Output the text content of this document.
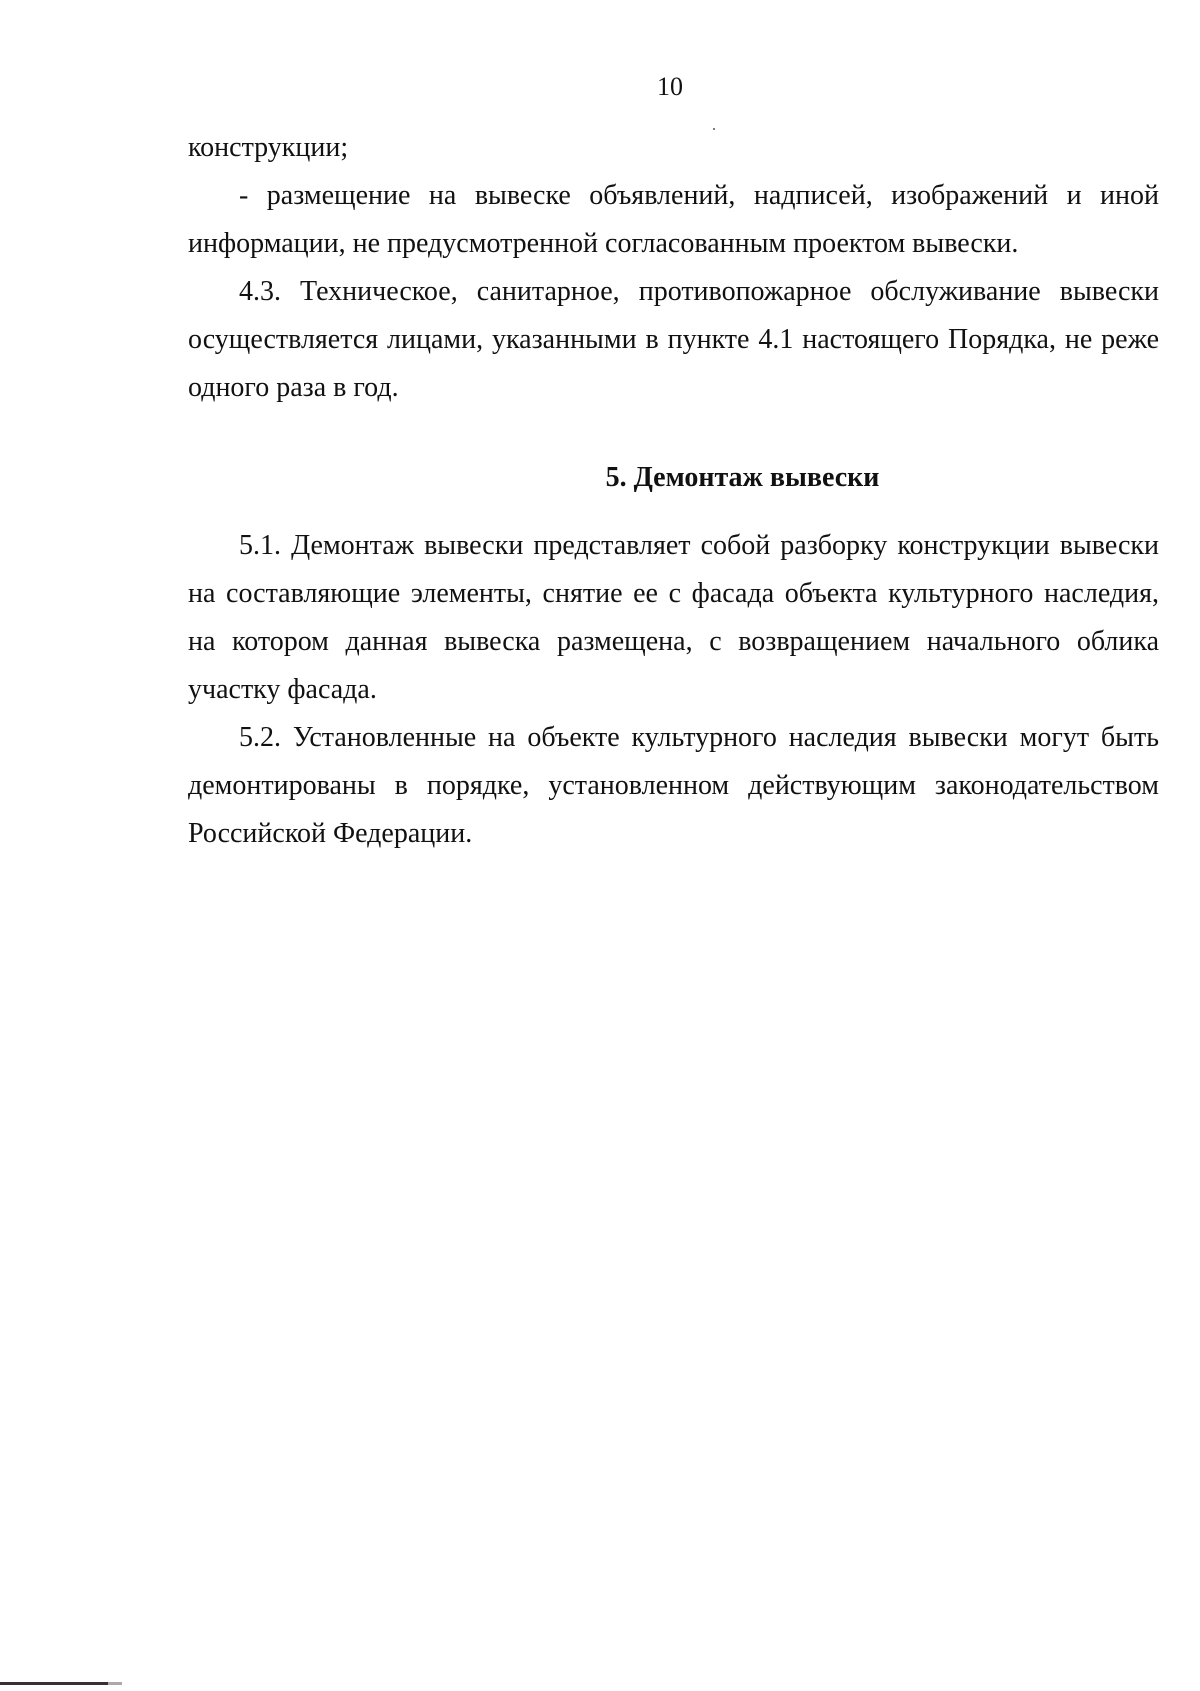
10
конструкции;
- размещение на вывеске объявлений, надписей, изображений и иной
информации, не предусмотренной согласованным проектом вывески.
4.3. Техническое, санитарное, противопожарное обслуживание вывески
осуществляется лицами, указанными в пункте 4.1 настоящего Порядка, не реже
одного раза в год.
5. Демонтаж вывески
5.1. Демонтаж вывески представляет собой разборку конструкции вывески
на составляющие элементы, снятие ее с фасада объекта культурного наследия,
на котором данная вывеска размещена, с возвращением начального облика
участку фасада.
5.2. Установленные на объекте культурного наследия вывески могут быть
демонтированы в порядке, установленном действующим законодательством
Российской Федерации.
